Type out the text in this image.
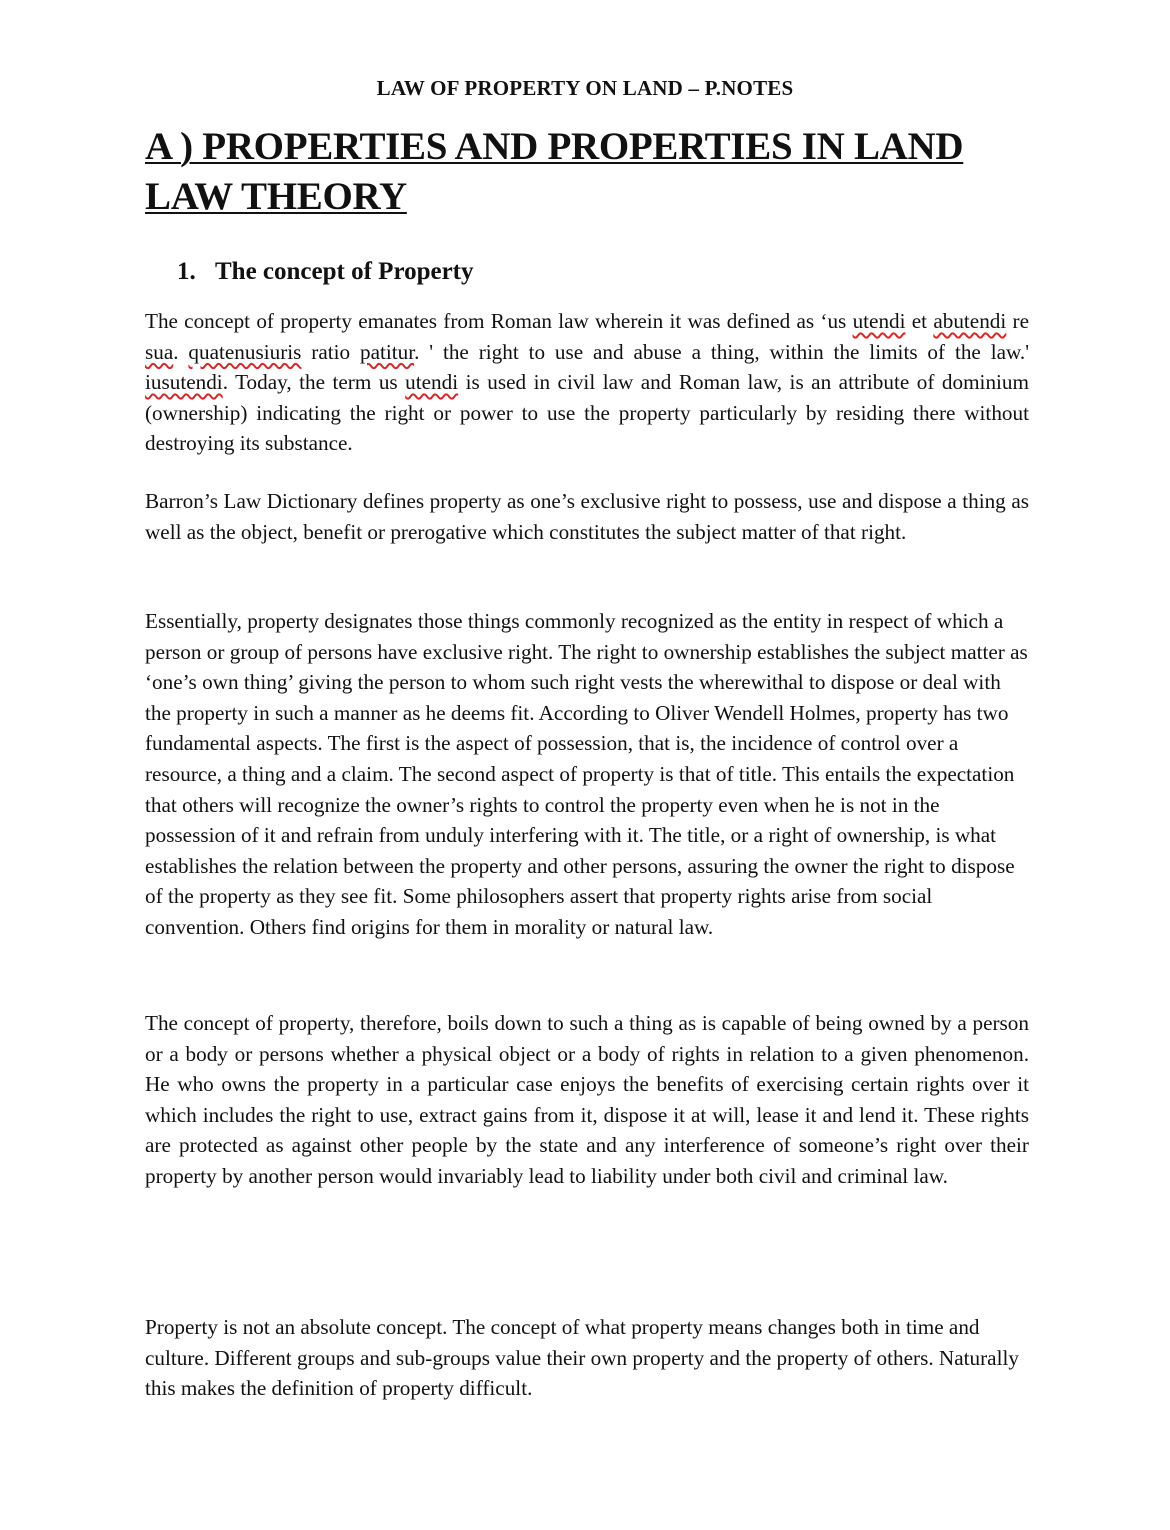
LAW OF PROPERTY ON LAND – P.NOTES
A ) PROPERTIES AND PROPERTIES IN LAND LAW THEORY
1. The concept of Property
The concept of property emanates from Roman law wherein it was defined as ‘us utendi et abutendi re sua. quatenusiuris ratio patitur. ' the right to use and abuse a thing, within the limits of the law.' iusutendi. Today, the term us utendi is used in civil law and Roman law, is an attribute of dominium (ownership) indicating the right or power to use the property particularly by residing there without destroying its substance.
Barron’s Law Dictionary defines property as one’s exclusive right to possess, use and dispose a thing as well as the object, benefit or prerogative which constitutes the subject matter of that right.
Essentially, property designates those things commonly recognized as the entity in respect of which a person or group of persons have exclusive right. The right to ownership establishes the subject matter as ‘one’s own thing’ giving the person to whom such right vests the wherewithal to dispose or deal with the property in such a manner as he deems fit. According to Oliver Wendell Holmes, property has two fundamental aspects. The first is the aspect of possession, that is, the incidence of control over a resource, a thing and a claim. The second aspect of property is that of title. This entails the expectation that others will recognize the owner’s rights to control the property even when he is not in the possession of it and refrain from unduly interfering with it. The title, or a right of ownership, is what establishes the relation between the property and other persons, assuring the owner the right to dispose of the property as they see fit. Some philosophers assert that property rights arise from social convention. Others find origins for them in morality or natural law.
The concept of property, therefore, boils down to such a thing as is capable of being owned by a person or a body or persons whether a physical object or a body of rights in relation to a given phenomenon. He who owns the property in a particular case enjoys the benefits of exercising certain rights over it which includes the right to use, extract gains from it, dispose it at will, lease it and lend it. These rights are protected as against other people by the state and any interference of someone’s right over their property by another person would invariably lead to liability under both civil and criminal law.
Property is not an absolute concept. The concept of what property means changes both in time and culture. Different groups and sub-groups value their own property and the property of others. Naturally this makes the definition of property difficult.
